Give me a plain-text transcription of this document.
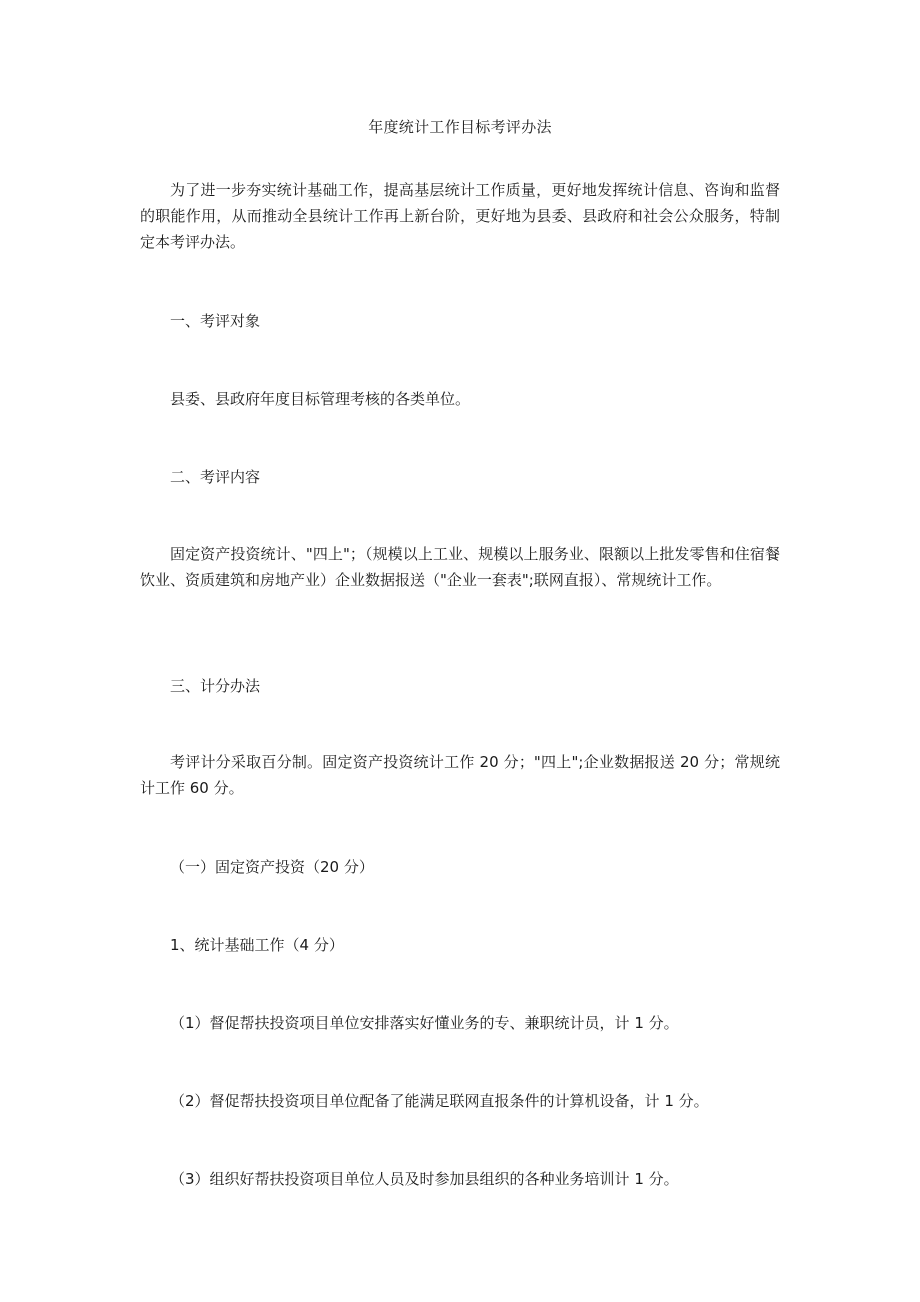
年度统计工作目标考评办法

为了进一步夯实统计基础工作，提高基层统计工作质量，更好地发挥统计信息、咨询和监督的职能作用，从而推动全县统计工作再上新台阶，更好地为县委、县政府和社会公众服务，特制定本考评办法。

一、考评对象

县委、县政府年度目标管理考核的各类单位。

二、考评内容

固定资产投资统计、"四上"；（规模以上工业、规模以上服务业、限额以上批发零售和住宿餐饮业、资质建筑和房地产业）企业数据报送（"企业一套表";联网直报）、常规统计工作。

三、计分办法

考评计分采取百分制。固定资产投资统计工作 20 分；"四上";企业数据报送 20 分；常规统计工作 60 分。

（一）固定资产投资（20 分）

1、统计基础工作（4 分）

（1）督促帮扶投资项目单位安排落实好懂业务的专、兼职统计员，计 1 分。

（2）督促帮扶投资项目单位配备了能满足联网直报条件的计算机设备，计 1 分。

（3）组织好帮扶投资项目单位人员及时参加县组织的各种业务培训计 1 分。
